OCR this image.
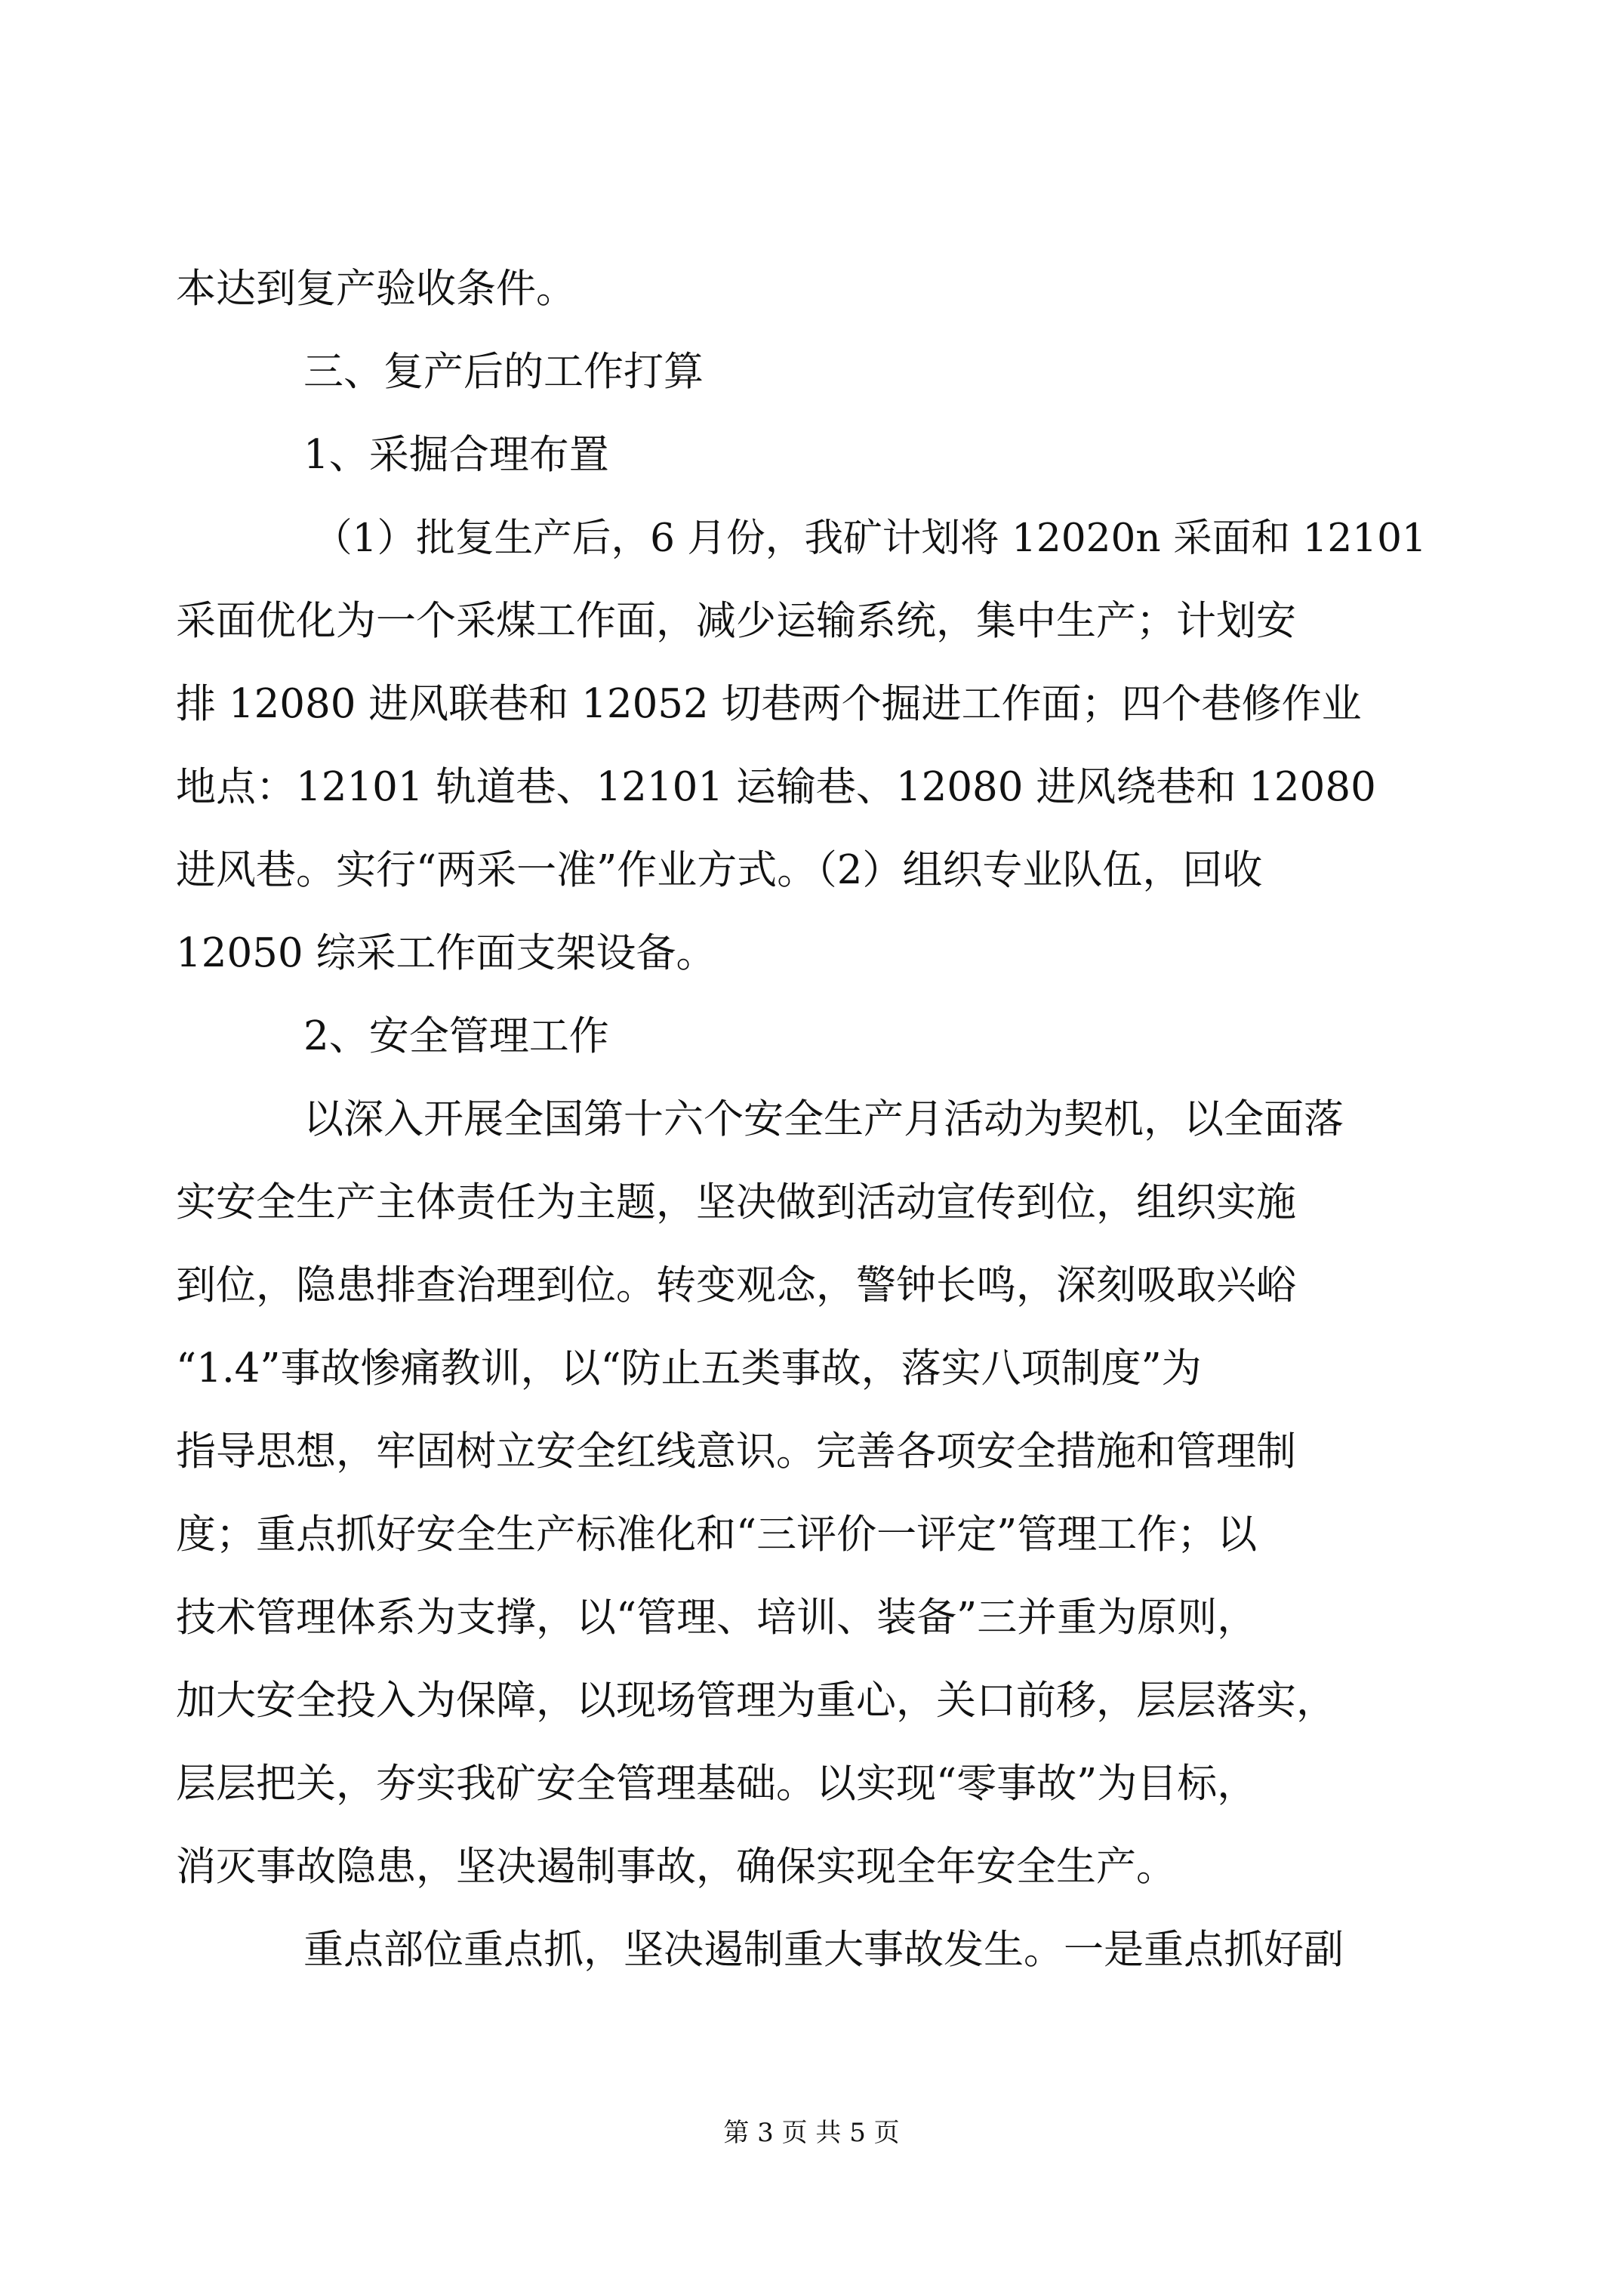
本达到复产验收条件。
三、复产后的工作打算
1、采掘合理布置
（1）批复生产后，6 月份，我矿计划将 12020n 采面和 12101
采面优化为一个采煤工作面，减少运输系统，集中生产；计划安
排 12080 进风联巷和 12052 切巷两个掘进工作面；四个巷修作业
地点：12101 轨道巷、12101 运输巷、12080 进风绕巷和 12080
进风巷。实行“两采一准”作业方式。（2）组织专业队伍，回收
12050 综采工作面支架设备。
2、安全管理工作
以深入开展全国第十六个安全生产月活动为契机，以全面落
实安全生产主体责任为主题，坚决做到活动宣传到位，组织实施
到位，隐患排查治理到位。转变观念，警钟长鸣，深刻吸取兴峪
“1.4”事故惨痛教训，以“防止五类事故，落实八项制度”为
指导思想，牢固树立安全红线意识。完善各项安全措施和管理制
度；重点抓好安全生产标准化和“三评价一评定”管理工作；以
技术管理体系为支撑，以“管理、培训、装备”三并重为原则，
加大安全投入为保障，以现场管理为重心，关口前移，层层落实，
层层把关，夯实我矿安全管理基础。以实现“零事故”为目标，
消灭事故隐患，坚决遏制事故，确保实现全年安全生产。
重点部位重点抓，坚决遏制重大事故发生。一是重点抓好副
第 3 页 共 5 页
